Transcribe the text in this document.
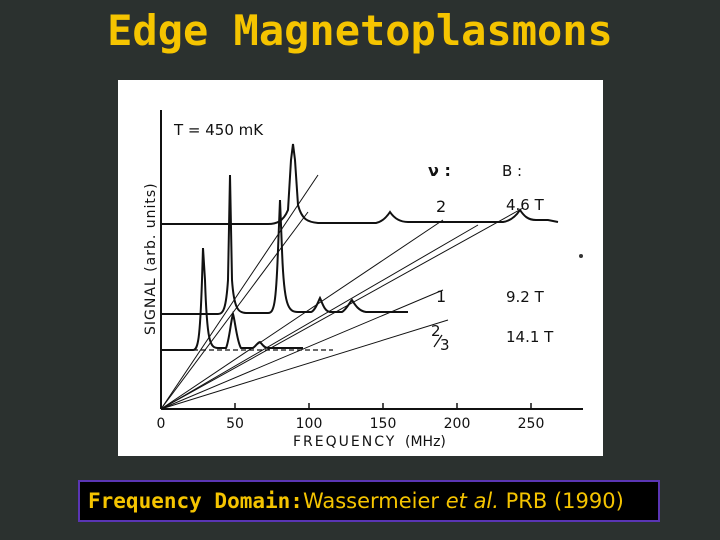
Edge Magnetoplasmons
0	50	100	150	200	250
FREQUENCY (MHz)
SIGNAL (arb. units)
T = 450 mK
ν :	B :
2	4.6 T
1	9.2 T
2
3	14.1 T
Frequency Domain:Wassermeier et al. PRB (1990)
